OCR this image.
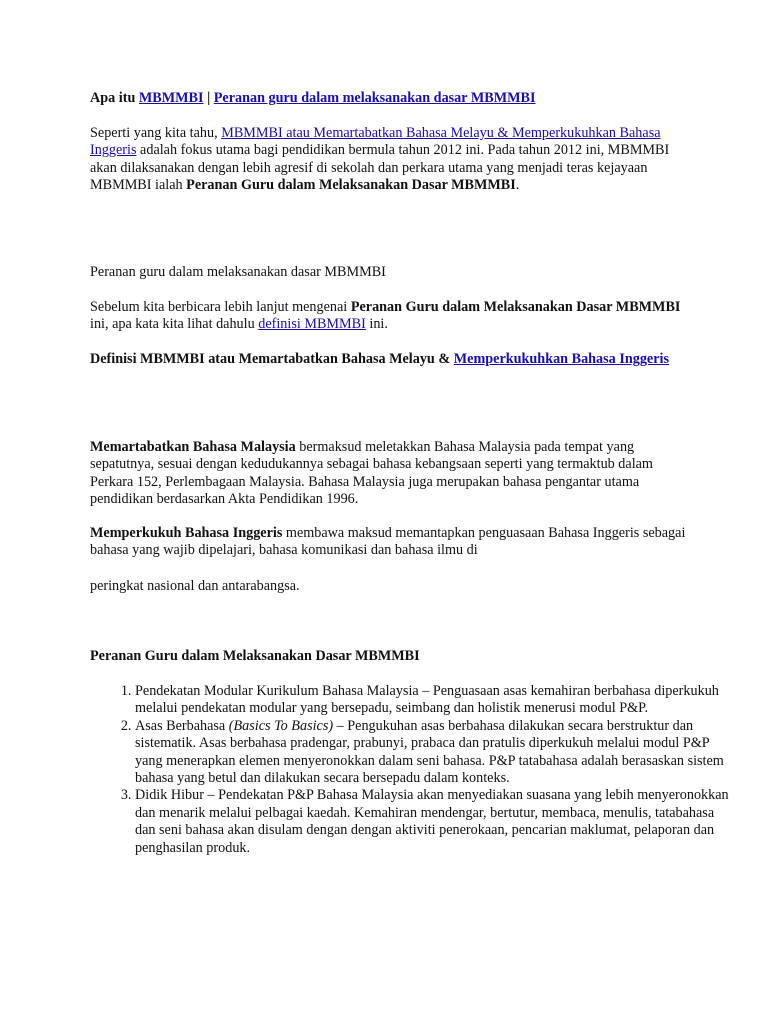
Apa itu MBMMBI | Peranan guru dalam melaksanakan dasar MBMMBI

Seperti yang kita tahu, MBMMBI atau Memartabatkan Bahasa Melayu & Memperkukuhkan Bahasa Inggeris adalah fokus utama bagi pendidikan bermula tahun 2012 ini. Pada tahun 2012 ini, MBMMBI akan dilaksanakan dengan lebih agresif di sekolah dan perkara utama yang menjadi teras kejayaan MBMMBI ialah Peranan Guru dalam Melaksanakan Dasar MBMMBI.

Peranan guru dalam melaksanakan dasar MBMMBI

Sebelum kita berbicara lebih lanjut mengenai Peranan Guru dalam Melaksanakan Dasar MBMMBI ini, apa kata kita lihat dahulu definisi MBMMBI ini.

Definisi MBMMBI atau Memartabatkan Bahasa Melayu & Memperkukuhkan Bahasa Inggeris

Memartabatkan Bahasa Malaysia bermaksud meletakkan Bahasa Malaysia pada tempat yang sepatutnya, sesuai dengan kedudukannya sebagai bahasa kebangsaan seperti yang termaktub dalam Perkara 152, Perlembagaan Malaysia. Bahasa Malaysia juga merupakan bahasa pengantar utama pendidikan berdasarkan Akta Pendidikan 1996.

Memperkukuh Bahasa Inggeris membawa maksud memantapkan penguasaan Bahasa Inggeris sebagai bahasa yang wajib dipelajari, bahasa komunikasi dan bahasa ilmu di

peringkat nasional dan antarabangsa.

Peranan Guru dalam Melaksanakan Dasar MBMMBI

1. Pendekatan Modular Kurikulum Bahasa Malaysia – Penguasaan asas kemahiran berbahasa diperkukuh melalui pendekatan modular yang bersepadu, seimbang dan holistik menerusi modul P&P.
2. Asas Berbahasa (Basics To Basics) – Pengukuhan asas berbahasa dilakukan secara berstruktur dan sistematik. Asas berbahasa pradengar, prabunyi, prabaca dan pratulis diperkukuh melalui modul P&P yang menerapkan elemen menyeronokkan dalam seni bahasa. P&P tatabahasa adalah berasaskan sistem bahasa yang betul dan dilakukan secara bersepadu dalam konteks.
3. Didik Hibur – Pendekatan P&P Bahasa Malaysia akan menyediakan suasana yang lebih menyeronokkan dan menarik melalui pelbagai kaedah. Kemahiran mendengar, bertutur, membaca, menulis, tatabahasa dan seni bahasa akan disulam dengan dengan aktiviti penerokaan, pencarian maklumat, pelaporan dan penghasilan produk.
